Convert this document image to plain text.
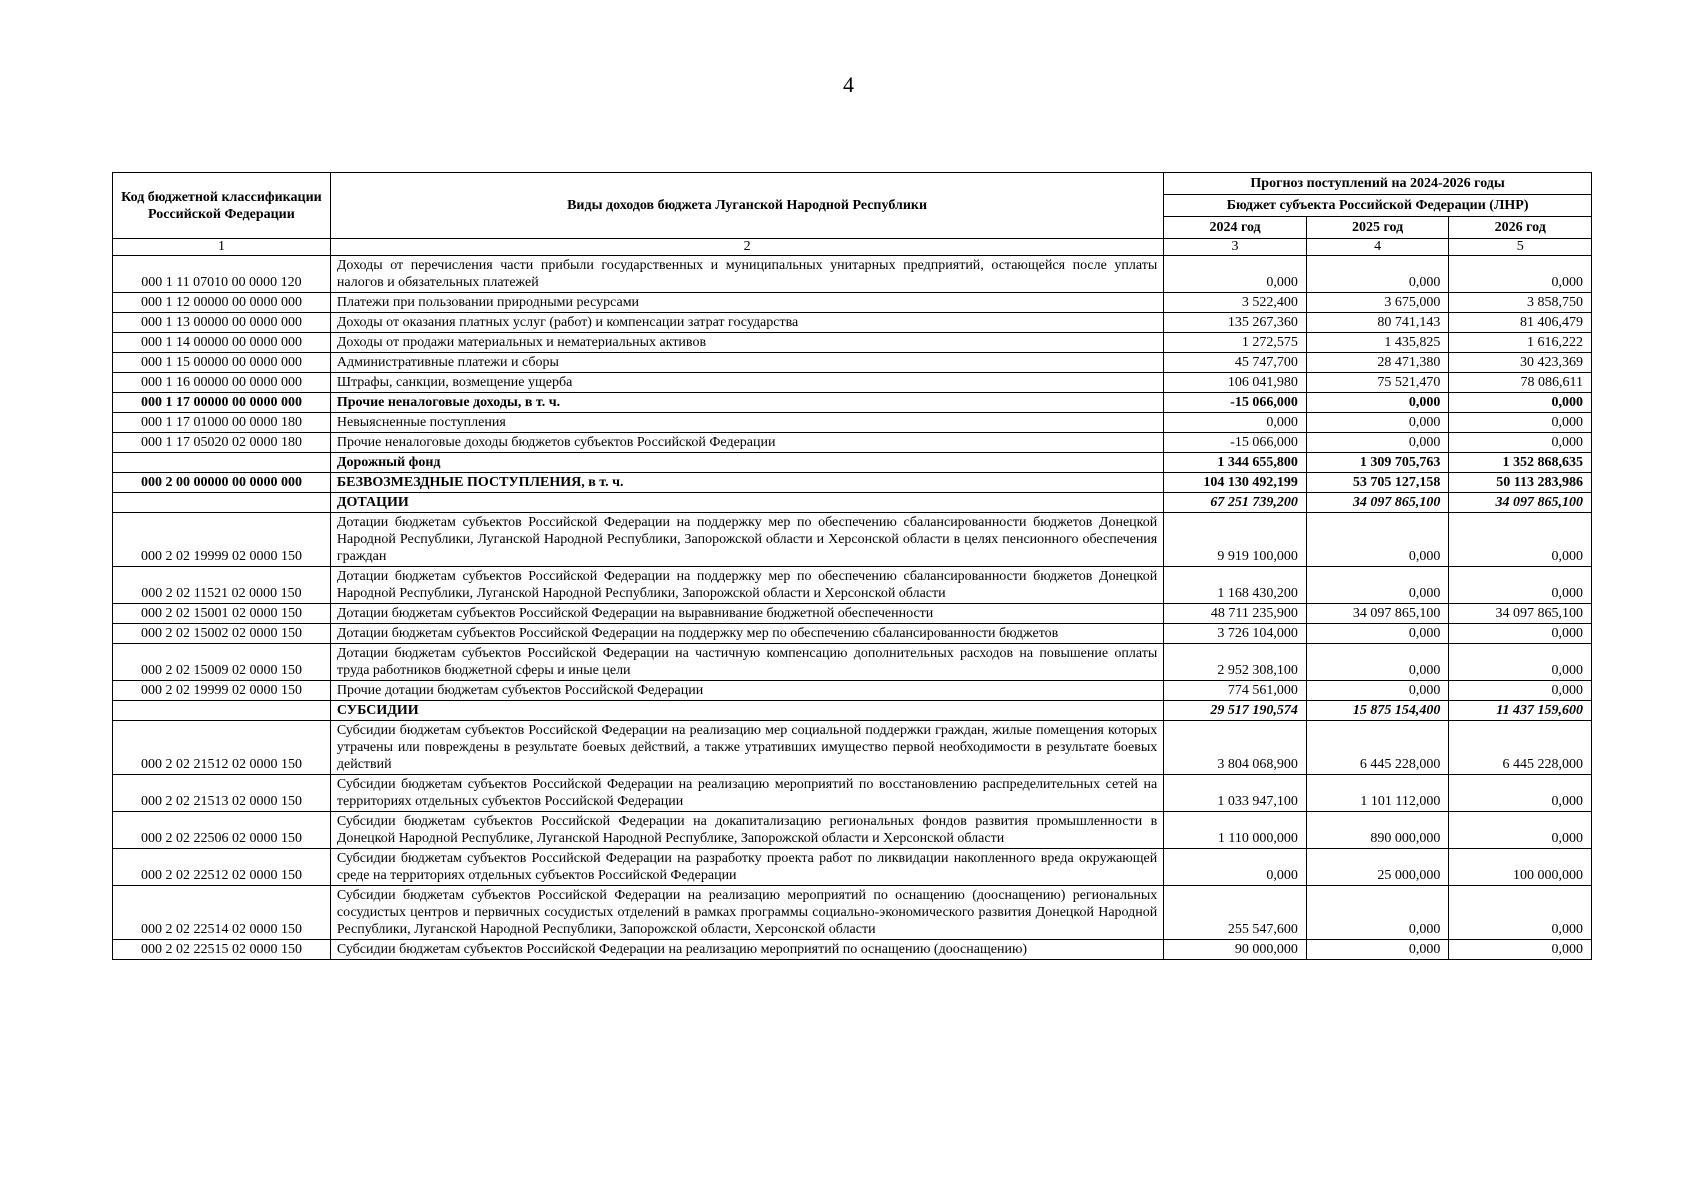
4
Код бюджетной классификации Российской Федерации	Виды доходов бюджета Луганской Народной Республики	Прогноз поступлений на 2024-2026 годы		
		Бюджет субъекта Российской Федерации (ЛНР)		
		2024 год	2025 год	2026 год
1	2	3	4	5
000 1 11 07010 00 0000 120	Доходы от перечисления части прибыли государственных и муниципальных унитарных предприятий, остающейся после уплаты налогов и обязательных платежей	0,000	0,000	0,000
000 1 12 00000 00 0000 000	Платежи при пользовании природными ресурсами	3 522,400	3 675,000	3 858,750
000 1 13 00000 00 0000 000	Доходы от оказания платных услуг (работ) и компенсации затрат государства	135 267,360	80 741,143	81 406,479
000 1 14 00000 00 0000 000	Доходы от продажи материальных и нематериальных активов	1 272,575	1 435,825	1 616,222
000 1 15 00000 00 0000 000	Административные платежи и сборы	45 747,700	28 471,380	30 423,369
000 1 16 00000 00 0000 000	Штрафы, санкции, возмещение ущерба	106 041,980	75 521,470	78 086,611
000 1 17 00000 00 0000 000	Прочие неналоговые доходы, в т. ч.	-15 066,000	0,000	0,000
000 1 17 01000 00 0000 180	Невыясненные поступления	0,000	0,000	0,000
000 1 17 05020 02 0000 180	Прочие неналоговые доходы бюджетов субъектов Российской Федерации	-15 066,000	0,000	0,000
	Дорожный фонд	1 344 655,800	1 309 705,763	1 352 868,635
000 2 00 00000 00 0000 000	БЕЗВОЗМЕЗДНЫЕ ПОСТУПЛЕНИЯ, в т. ч.	104 130 492,199	53 705 127,158	50 113 283,986
	ДОТАЦИИ	67 251 739,200	34 097 865,100	34 097 865,100
000 2 02 19999 02 0000 150	Дотации бюджетам субъектов Российской Федерации на поддержку мер по обеспечению сбалансированности бюджетов Донецкой Народной Республики, Луганской Народной Республики, Запорожской области и Херсонской области в целях пенсионного обеспечения граждан	9 919 100,000	0,000	0,000
000 2 02 11521 02 0000 150	Дотации бюджетам субъектов Российской Федерации на поддержку мер по обеспечению сбалансированности бюджетов Донецкой Народной Республики, Луганской Народной Республики, Запорожской области и Херсонской области	1 168 430,200	0,000	0,000
000 2 02 15001 02 0000 150	Дотации бюджетам субъектов Российской Федерации на выравнивание бюджетной обеспеченности	48 711 235,900	34 097 865,100	34 097 865,100
000 2 02 15002 02 0000 150	Дотации бюджетам субъектов Российской Федерации на поддержку мер по обеспечению сбалансированности бюджетов	3 726 104,000	0,000	0,000
000 2 02 15009 02 0000 150	Дотации бюджетам субъектов Российской Федерации на частичную компенсацию дополнительных расходов на повышение оплаты труда работников бюджетной сферы и иные цели	2 952 308,100	0,000	0,000
000 2 02 19999 02 0000 150	Прочие дотации бюджетам субъектов Российской Федерации	774 561,000	0,000	0,000
	СУБСИДИИ	29 517 190,574	15 875 154,400	11 437 159,600
000 2 02 21512 02 0000 150	Субсидии бюджетам субъектов Российской Федерации на реализацию мер социальной поддержки граждан, жилые помещения которых утрачены или повреждены в результате боевых действий, а также утративших имущество первой необходимости в результате боевых действий	3 804 068,900	6 445 228,000	6 445 228,000
000 2 02 21513 02 0000 150	Субсидии бюджетам субъектов Российской Федерации на реализацию мероприятий по восстановлению распределительных сетей на территориях отдельных субъектов Российской Федерации	1 033 947,100	1 101 112,000	0,000
000 2 02 22506 02 0000 150	Субсидии бюджетам субъектов Российской Федерации на докапитализацию региональных фондов развития промышленности в Донецкой Народной Республике, Луганской Народной Республике, Запорожской области и Херсонской области	1 110 000,000	890 000,000	0,000
000 2 02 22512 02 0000 150	Субсидии бюджетам субъектов Российской Федерации на разработку проекта работ по ликвидации накопленного вреда окружающей среде на территориях отдельных субъектов Российской Федерации	0,000	25 000,000	100 000,000
000 2 02 22514 02 0000 150	Субсидии бюджетам субъектов Российской Федерации на реализацию мероприятий по оснащению (дооснащению) региональных сосудистых центров и первичных сосудистых отделений в рамках программы социально-экономического развития Донецкой Народной Республики, Луганской Народной Республики, Запорожской области, Херсонской области	255 547,600	0,000	0,000
000 2 02 22515 02 0000 150	Субсидии бюджетам субъектов Российской Федерации на реализацию мероприятий по оснащению (дооснащению)	90 000,000	0,000	0,000
